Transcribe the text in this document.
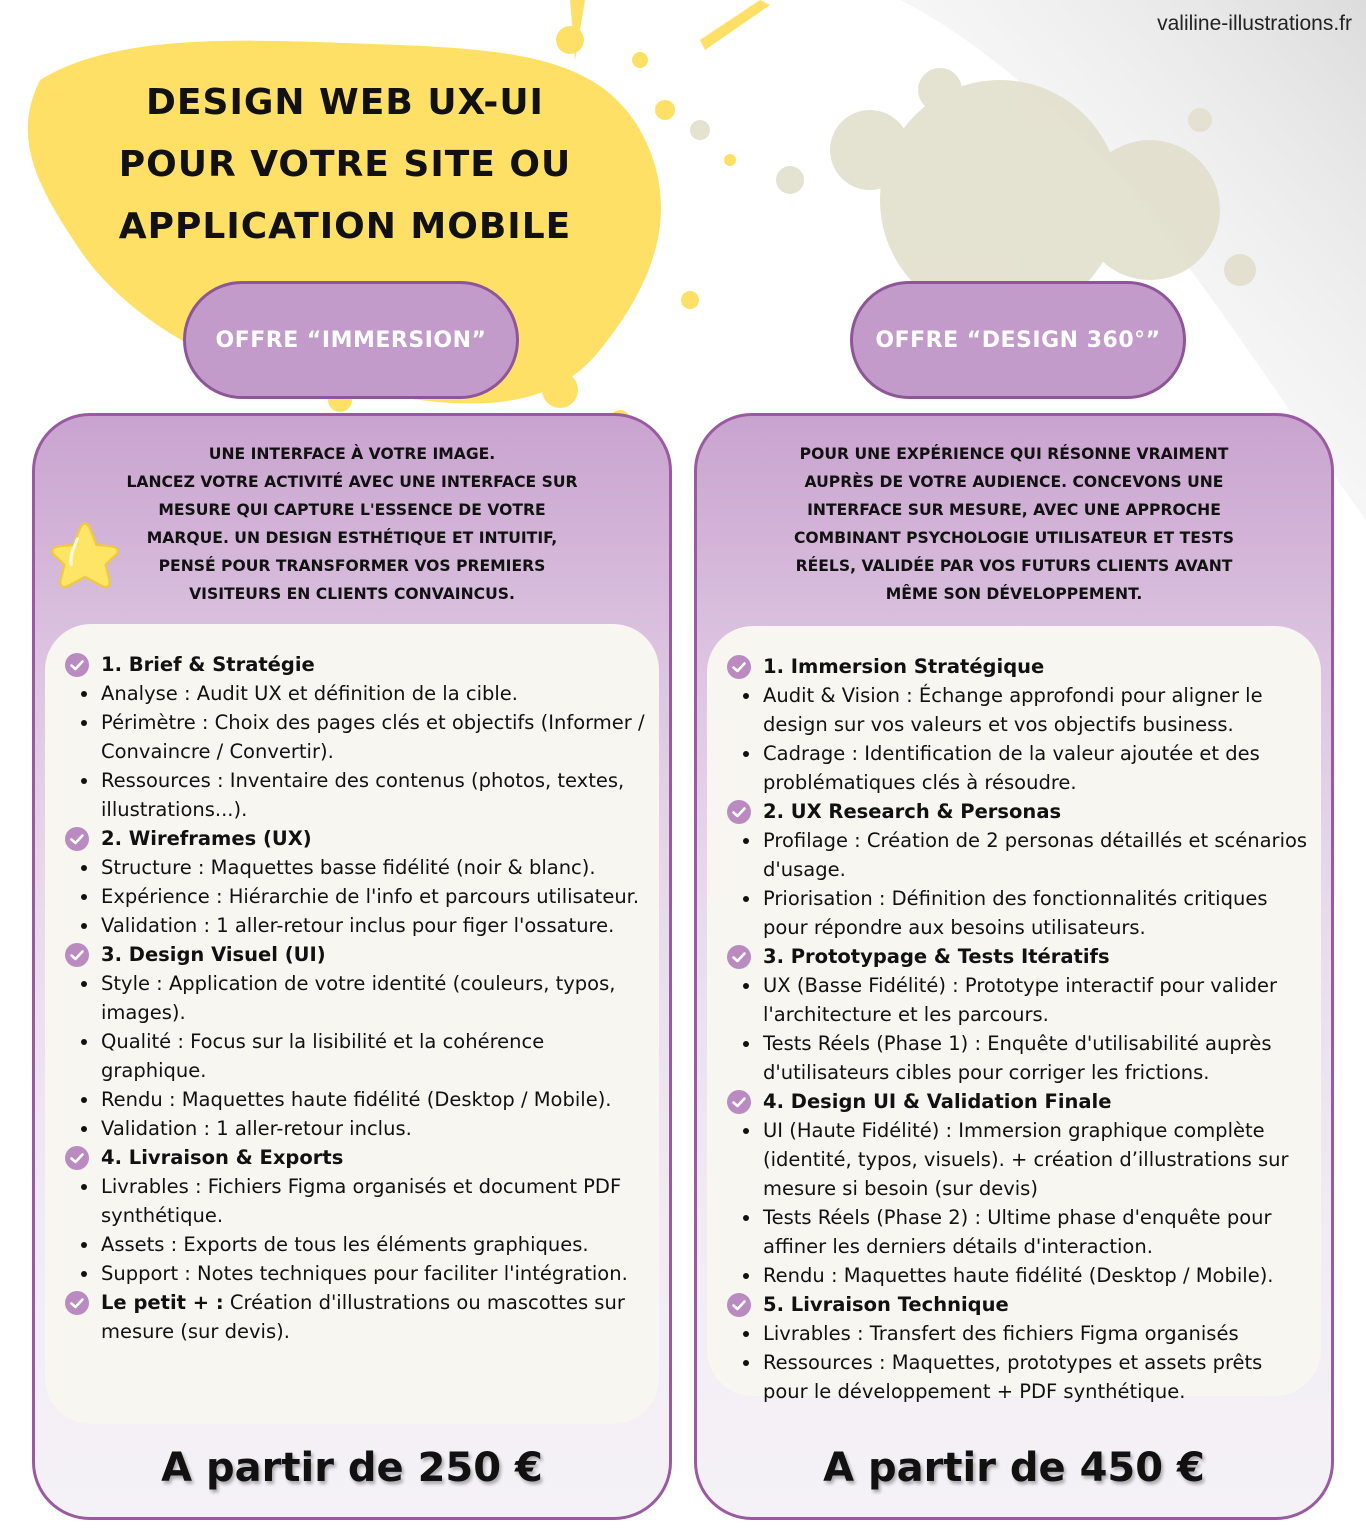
valiline-illustrations.fr
DESIGN WEB UX-UI
POUR VOTRE SITE OU
APPLICATION MOBILE
OFFRE “IMMERSION”	OFFRE “DESIGN 360°”
UNE INTERFACE À VOTRE IMAGE.
LANCEZ VOTRE ACTIVITÉ AVEC UNE INTERFACE SUR
MESURE QUI CAPTURE L'ESSENCE DE VOTRE
MARQUE. UN DESIGN ESTHÉTIQUE ET INTUITIF,
PENSÉ POUR TRANSFORMER VOS PREMIERS
VISITEURS EN CLIENTS CONVAINCUS.
1. Brief & Stratégie
Analyse : Audit UX et définition de la cible.
Périmètre : Choix des pages clés et objectifs (Informer / Convaincre / Convertir).
Ressources : Inventaire des contenus (photos, textes, illustrations...).
2. Wireframes (UX)
Structure : Maquettes basse fidélité (noir & blanc).
Expérience : Hiérarchie de l'info et parcours utilisateur.
Validation : 1 aller-retour inclus pour figer l'ossature.
3. Design Visuel (UI)
Style : Application de votre identité (couleurs, typos, images).
Qualité : Focus sur la lisibilité et la cohérence graphique.
Rendu : Maquettes haute fidélité (Desktop / Mobile).
Validation : 1 aller-retour inclus.
4. Livraison & Exports
Livrables : Fichiers Figma organisés et document PDF synthétique.
Assets : Exports de tous les éléments graphiques.
Support : Notes techniques pour faciliter l'intégration.
Le petit + : Création d'illustrations ou mascottes sur mesure (sur devis).
A partir de 250 €
POUR UNE EXPÉRIENCE QUI RÉSONNE VRAIMENT
AUPRÈS DE VOTRE AUDIENCE. CONCEVONS UNE
INTERFACE SUR MESURE, AVEC UNE APPROCHE
COMBINANT PSYCHOLOGIE UTILISATEUR ET TESTS
RÉELS, VALIDÉE PAR VOS FUTURS CLIENTS AVANT
MÊME SON DÉVELOPPEMENT.
1. Immersion Stratégique
Audit & Vision : Échange approfondi pour aligner le design sur vos valeurs et vos objectifs business.
Cadrage : Identification de la valeur ajoutée et des problématiques clés à résoudre.
2. UX Research & Personas
Profilage : Création de 2 personas détaillés et scénarios d'usage.
Priorisation : Définition des fonctionnalités critiques pour répondre aux besoins utilisateurs.
3. Prototypage & Tests Itératifs
UX (Basse Fidélité) : Prototype interactif pour valider l'architecture et les parcours.
Tests Réels (Phase 1) : Enquête d'utilisabilité auprès d'utilisateurs cibles pour corriger les frictions.
4. Design UI & Validation Finale
UI (Haute Fidélité) : Immersion graphique complète (identité, typos, visuels). + création d’illustrations sur mesure si besoin (sur devis)
Tests Réels (Phase 2) : Ultime phase d'enquête pour affiner les derniers détails d'interaction.
Rendu : Maquettes haute fidélité (Desktop / Mobile).
5. Livraison Technique
Livrables : Transfert des fichiers Figma organisés
Ressources : Maquettes, prototypes et assets prêts pour le développement + PDF synthétique.
A partir de 450 €
